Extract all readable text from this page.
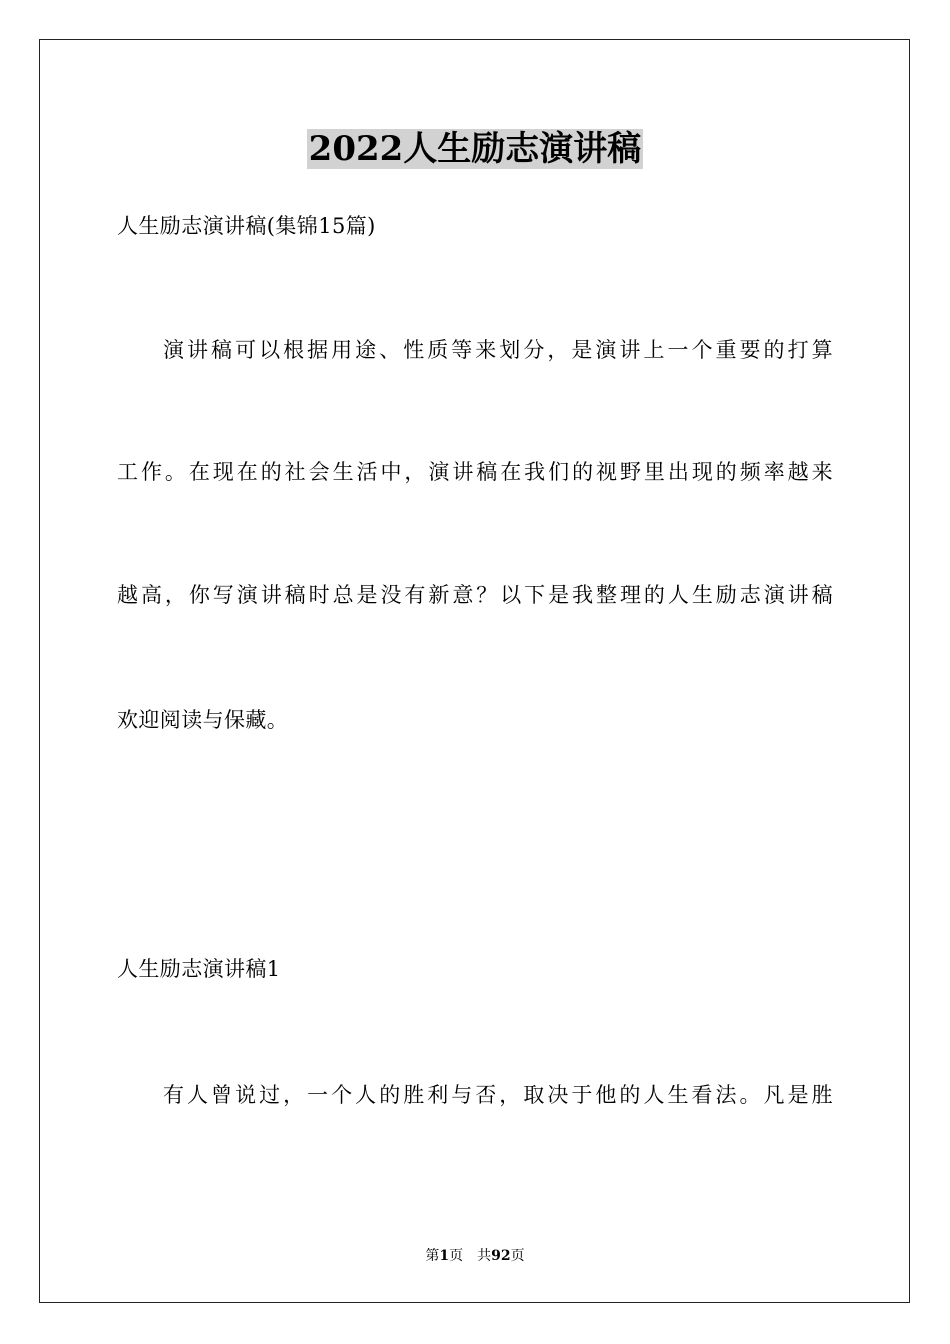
2022人生励志演讲稿
人生励志演讲稿(集锦15篇)
演讲稿可以根据用途、性质等来划分，是演讲上一个重要的打算
工作。在现在的社会生活中，演讲稿在我们的视野里出现的频率越来
越高，你写演讲稿时总是没有新意？以下是我整理的人生励志演讲稿
欢迎阅读与保藏。
人生励志演讲稿1
有人曾说过，一个人的胜利与否，取决于他的人生看法。凡是胜
第1页 共92页
